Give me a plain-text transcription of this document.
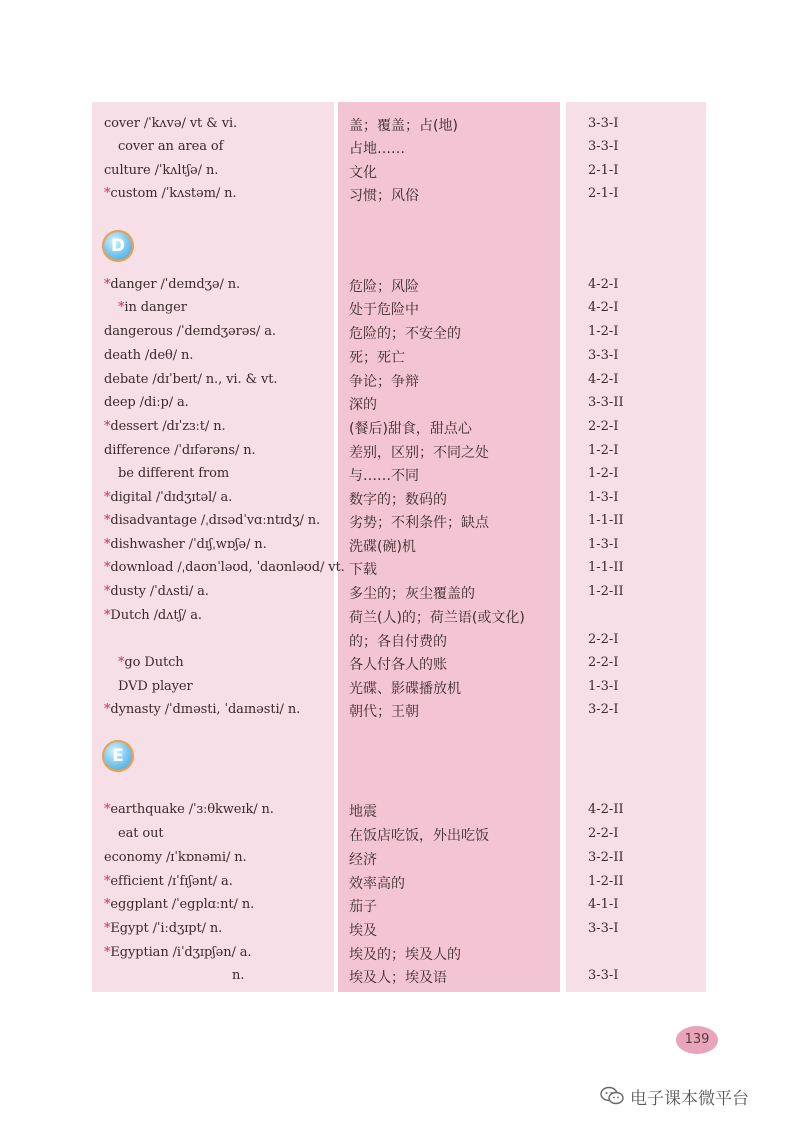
D
E
cover /ˈkʌvə/ vt & vi.	盖；覆盖；占(地)	3-3-I
cover an area of	占地……	3-3-I
culture /ˈkʌltʃə/ n.	文化	2-1-I
*custom /ˈkʌstəm/ n.	习惯；风俗	2-1-I
*danger /ˈdeɪndʒə/ n.	危险；风险	4-2-I
*in danger	处于危险中	4-2-I
dangerous /ˈdeɪndʒərəs/ a.	危险的；不安全的	1-2-I
death /deθ/ n.	死；死亡	3-3-I
debate /dɪˈbeɪt/ n., vi. & vt.	争论；争辩	4-2-I
deep /diːp/ a.	深的	3-3-II
*dessert /dɪˈzɜːt/ n.	(餐后)甜食，甜点心	2-2-I
difference /ˈdɪfərəns/ n.	差别，区别；不同之处	1-2-I
be different from	与……不同	1-2-I
*digital /ˈdɪdʒɪtəl/ a.	数字的；数码的	1-3-I
*disadvantage /ˌdɪsədˈvɑːntɪdʒ/ n. 劣势；不利条件；缺点	1-1-II
*dishwasher /ˈdɪʃˌwɒʃə/ n.	洗碟(碗)机	1-3-I
*download /ˌdaʊnˈləʊd, ˈdaʊnləʊd/ vt. 下载	1-1-II
*dusty /ˈdʌsti/ a.	多尘的；灰尘覆盖的	1-2-II
*Dutch /dʌtʃ/ a.	荷兰(人)的；荷兰语(或文化)
的；各自付费的	2-2-I
*go Dutch	各人付各人的账	2-2-I
DVD player	光碟、影碟播放机	1-3-I
*dynasty /ˈdɪnəsti, ˈdaɪnəsti/ n.	朝代；王朝	3-2-I
*earthquake /ˈɜːθkweɪk/ n.	地震	4-2-II
eat out	在饭店吃饭，外出吃饭	2-2-I
economy /ɪˈkɒnəmi/ n.	经济	3-2-II
*efficient /ɪˈfɪʃənt/ a.	效率高的	1-2-II
*eggplant /ˈegplɑːnt/ n.	茄子	4-1-I
*Egypt /ˈiːdʒɪpt/ n.	埃及	3-3-I
*Egyptian /iˈdʒɪpʃən/ a.	埃及的；埃及人的
n.	埃及人；埃及语	3-3-I
139
电子课本微平台
